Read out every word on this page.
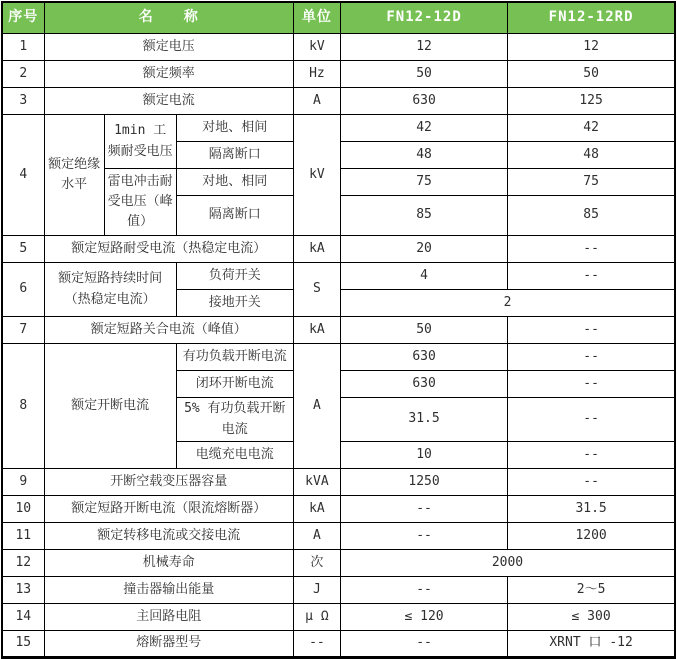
序号	名　　称			单位	FN12-12D	FN12-12RD
1	额定电压			kV	12	12
2	额定频率			Hz	50	50
3	额定电流			A	630	125
4	额定绝缘水平	1min 工频耐受电压	对地、相间	kV	42	42
			隔离断口		48	48
		雷电冲击耐受电压（峰值）	对地、相同		75	75
			隔离断口		85	85
5	额定短路耐受电流（热稳定电流）			kA	20	--
6	额定短路持续时间（热稳定电流）		负荷开关	S	4	--
			接地开关		2	
7	额定短路关合电流（峰值）			kA	50	--
8	额定开断电流		有功负载开断电流	A	630	--
			闭环开断电流		630	--
			5% 有功负载开断电流		31.5	--
			电缆充电电流		10	--
9	开断空载变压器容量			kVA	1250	--
10	额定短路开断电流（限流熔断器）			kA	--	31.5
11	额定转移电流或交接电流			A	--	1200
12	机械寿命			次	2000	
13	撞击器输出能量			J	--	2～5
14	主回路电阻			μ Ω	≤ 120	≤ 300
15	熔断器型号			--	--	XRNT 口 -12
